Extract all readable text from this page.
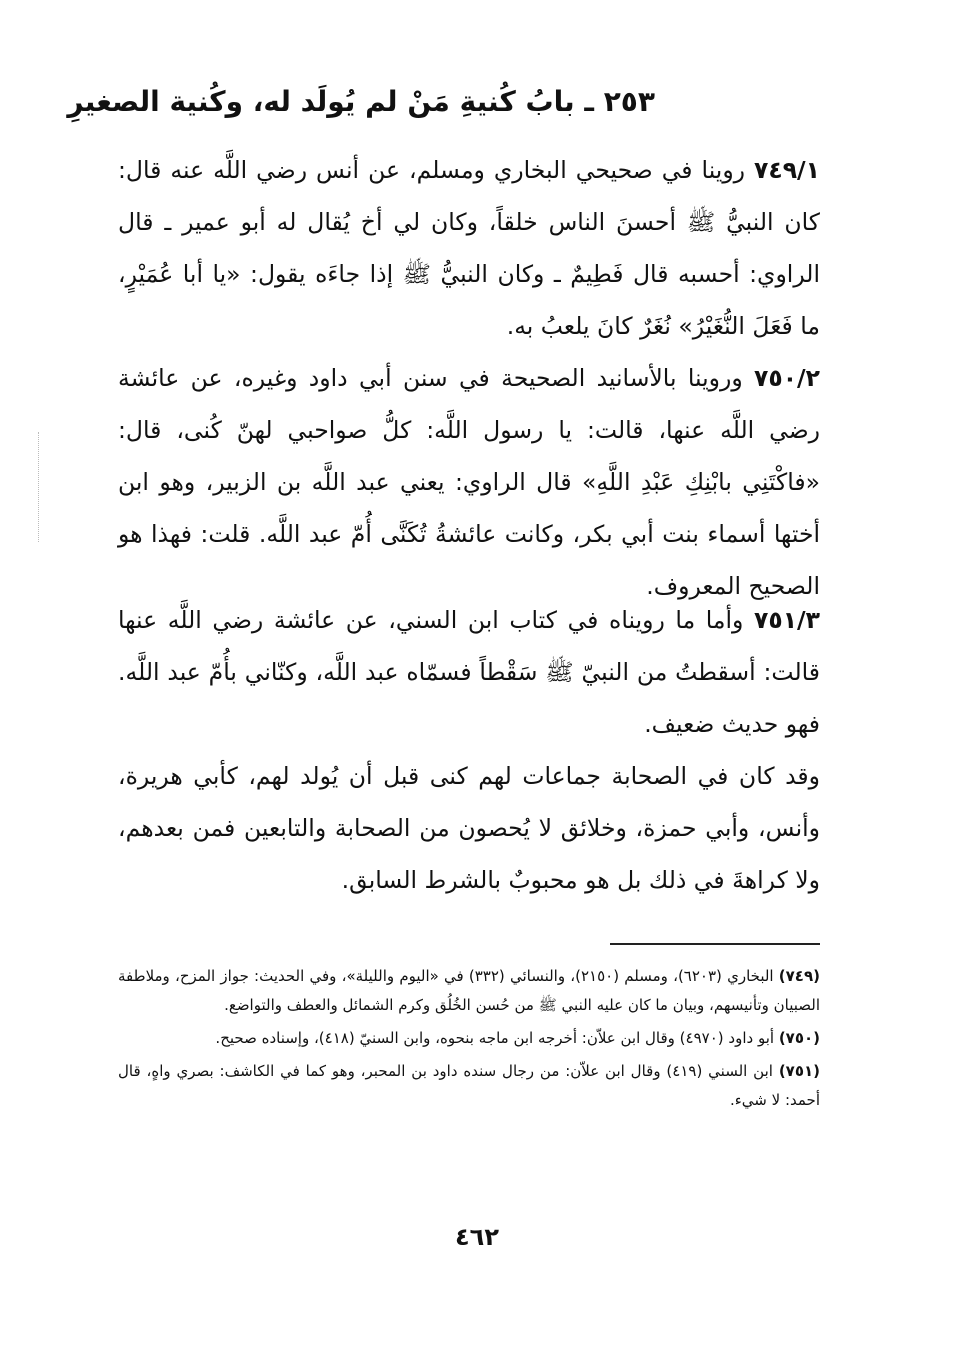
٢٥٣ ـ بابُ كُنيةِ مَنْ لم يُولَد له، وكُنية الصغيرِ

٧٤٩/١ روينا في صحيحي البخاري ومسلم، عن أنس رضي اللَّه عنه قال: كان النبيُّ ﷺ أحسنَ الناس خلقاً، وكان لي أخ يُقال له أبو عمير ـ قال الراوي: أحسبه قال فَطِيمٌ ـ وكان النبيُّ ﷺ إذا جاءَه يقول: «يا أبا عُمَيْرٍ، ما فَعَلَ النُّغَيْرُ» نُغَرٌ كانَ يلعبُ به.

٧٥٠/٢ وروينا بالأسانيد الصحيحة في سنن أبي داود وغيره، عن عائشة رضي اللَّه عنها، قالت: يا رسول اللَّه: كلُّ صواحبي لهنّ كُنى، قال: «فاكْتَنِي بابْنِكِ عَبْدِ اللَّهِ» قال الراوي: يعني عبد اللَّه بن الزبير، وهو ابن أختها أسماء بنت أبي بكر، وكانت عائشةُ تُكَنَّى أُمّ عبد اللَّه. قلت: فهذا هو الصحيح المعروف.

٧٥١/٣ وأما ما رويناه في كتاب ابن السني، عن عائشة رضي اللَّه عنها قالت: أسقطتُ من النبيّ ﷺ سَقْطاً فسمّاه عبد اللَّه، وكنّاني بأُمّ عبد اللَّه. فهو حديث ضعيف.

وقد كان في الصحابة جماعات لهم كنى قبل أن يُولد لهم، كأبي هريرة، وأنس، وأبي حمزة، وخلائق لا يُحصون من الصحابة والتابعين فمن بعدهم، ولا كراهةَ في ذلك بل هو محبوبٌ بالشرط السابق.

(٧٤٩) البخاري (٦٢٠٣)، ومسلم (٢١٥٠)، والنسائي (٣٣٢) في «اليوم والليلة»، وفي الحديث: جواز المزح، وملاطفة الصبيان وتأنيسهم، وبيان ما كان عليه النبي ﷺ من حُسن الخُلُق وكرم الشمائل والعطف والتواضع.

(٧٥٠) أبو داود (٤٩٧٠) وقال ابن علاّن: أخرجه ابن ماجه بنحوه، وابن السنيّ (٤١٨)، وإسناده صحيح.

(٧٥١) ابن السني (٤١٩) وقال ابن علاّن: من رجال سنده داود بن المحبر، وهو كما في الكاشف: بصري واهٍ، قال أحمد: لا شيء.

٤٦٢
